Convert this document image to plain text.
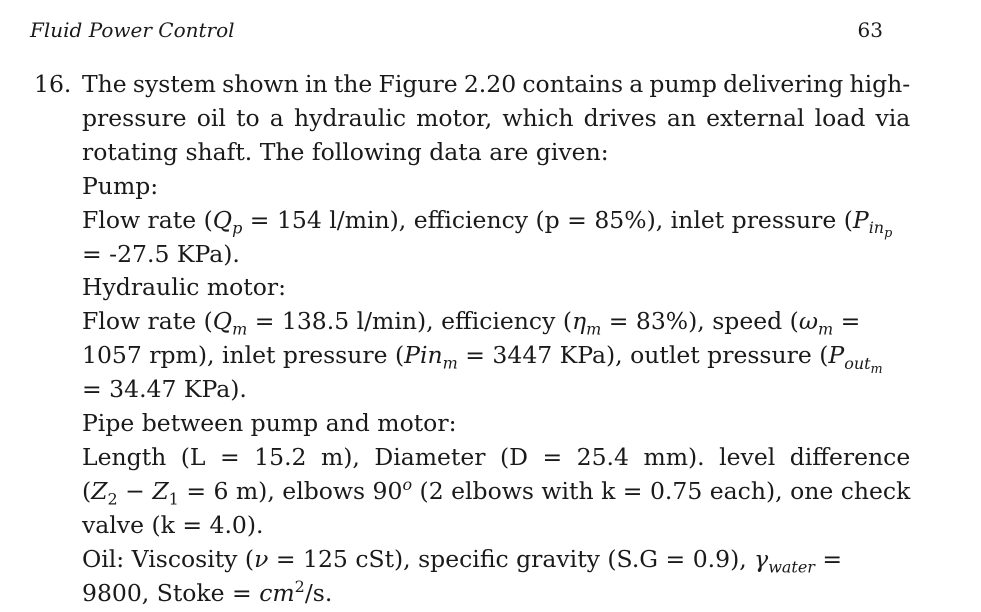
Fluid Power Control	63
16. The system shown in the Figure 2.20 contains a pump delivering high-
pressure oil to a hydraulic motor, which drives an external load via
rotating shaft. The following data are given:
Pump:
Flow rate ($Q_p = 154$ l/min), efficiency (p = 85%), inlet pressure ($P_{in_p}$
= -27.5 KPa).
Hydraulic motor:
Flow rate ($Q_m = 138.5$ l/min), efficiency $(\eta_m = 83\%)$, speed ($\omega_m$ =
1057 rpm), inlet pressure (Pin$_m$ = 3447 KPa), outlet pressure ($P_{out_m}$
= 34.47 KPa).
Pipe between pump and motor:
Length (L = 15.2 m), Diameter (D = 25.4 mm). level difference
($Z_2 - Z_1 = 6$ m), elbows 90$^o$ (2 elbows with k = 0.75 each), one check
valve (k = 4.0).
Oil: Viscosity (ν = 125 cSt), specific gravity (S.G = 0.9), $\gamma_{water}$ =
9800, Stoke = $cm^2/s$.
